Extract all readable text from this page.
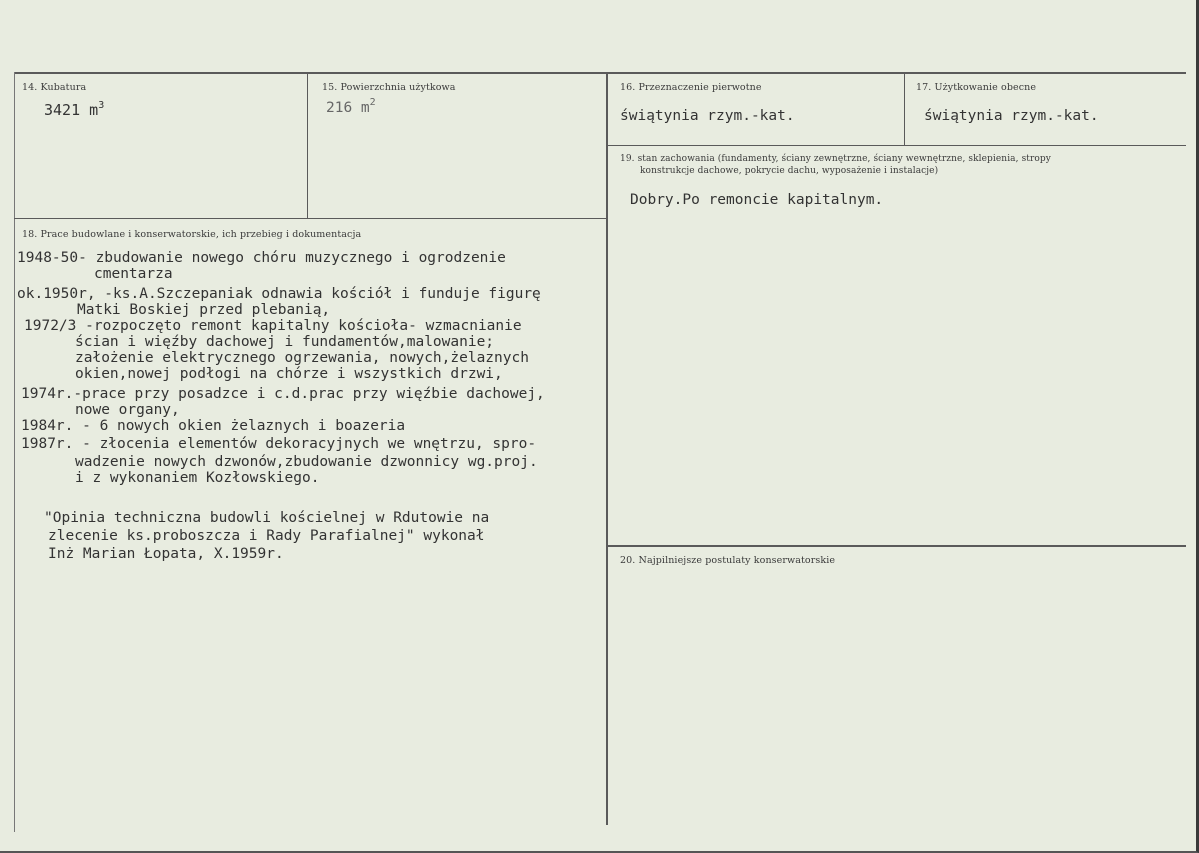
14. Kubatura
3421 $m^3$
15. Powierzchnia użytkowa
216 $m^2$
16. Przeznaczenie pierwotne
świątynia rzym.-kat.
17. Użytkowanie obecne
świątynia rzym.-kat.
19. stan zachowania (fundamenty, ściany zewnętrzne, ściany wewnętrzne, sklepienia, stropy
konstrukcje dachowe, pokrycie dachu, wyposażenie i instalacje)
Dobry.Po remoncie kapitalnym.
18. Prace budowlane i konserwatorskie, ich przebieg i dokumentacja
1948-50- zbudowanie nowego chóru muzycznego i ogrodzenie
cmentarza
ok.1950r, -ks.A.Szczepaniak odnawia kościół i funduje figurę
Matki Boskiej przed plebanią,
1972/3 -rozpoczęto remont kapitalny kościoła- wzmacnianie
ścian i więźby dachowej i fundamentów,malowanie;
założenie elektrycznego ogrzewania, nowych,żelaznych
okien,nowej podłogi na chórze i wszystkich drzwi,
1974r.-prace przy posadzce i c.d.prac przy więźbie dachowej,
nowe organy,
1984r. - 6 nowych okien żelaznych i boazeria
1987r. - złocenia elementów dekoracyjnych we wnętrzu, spro-
wadzenie nowych dzwonów,zbudowanie dzwonnicy wg.proj.
i z wykonaniem Kozłowskiego.
"Opinia techniczna budowli kościelnej w Rdutowie na
zlecenie ks.proboszcza i Rady Parafialnej" wykonał
Inż Marian Łopata, X.1959r.	20. Najpilniejsze postulaty konserwatorskie
